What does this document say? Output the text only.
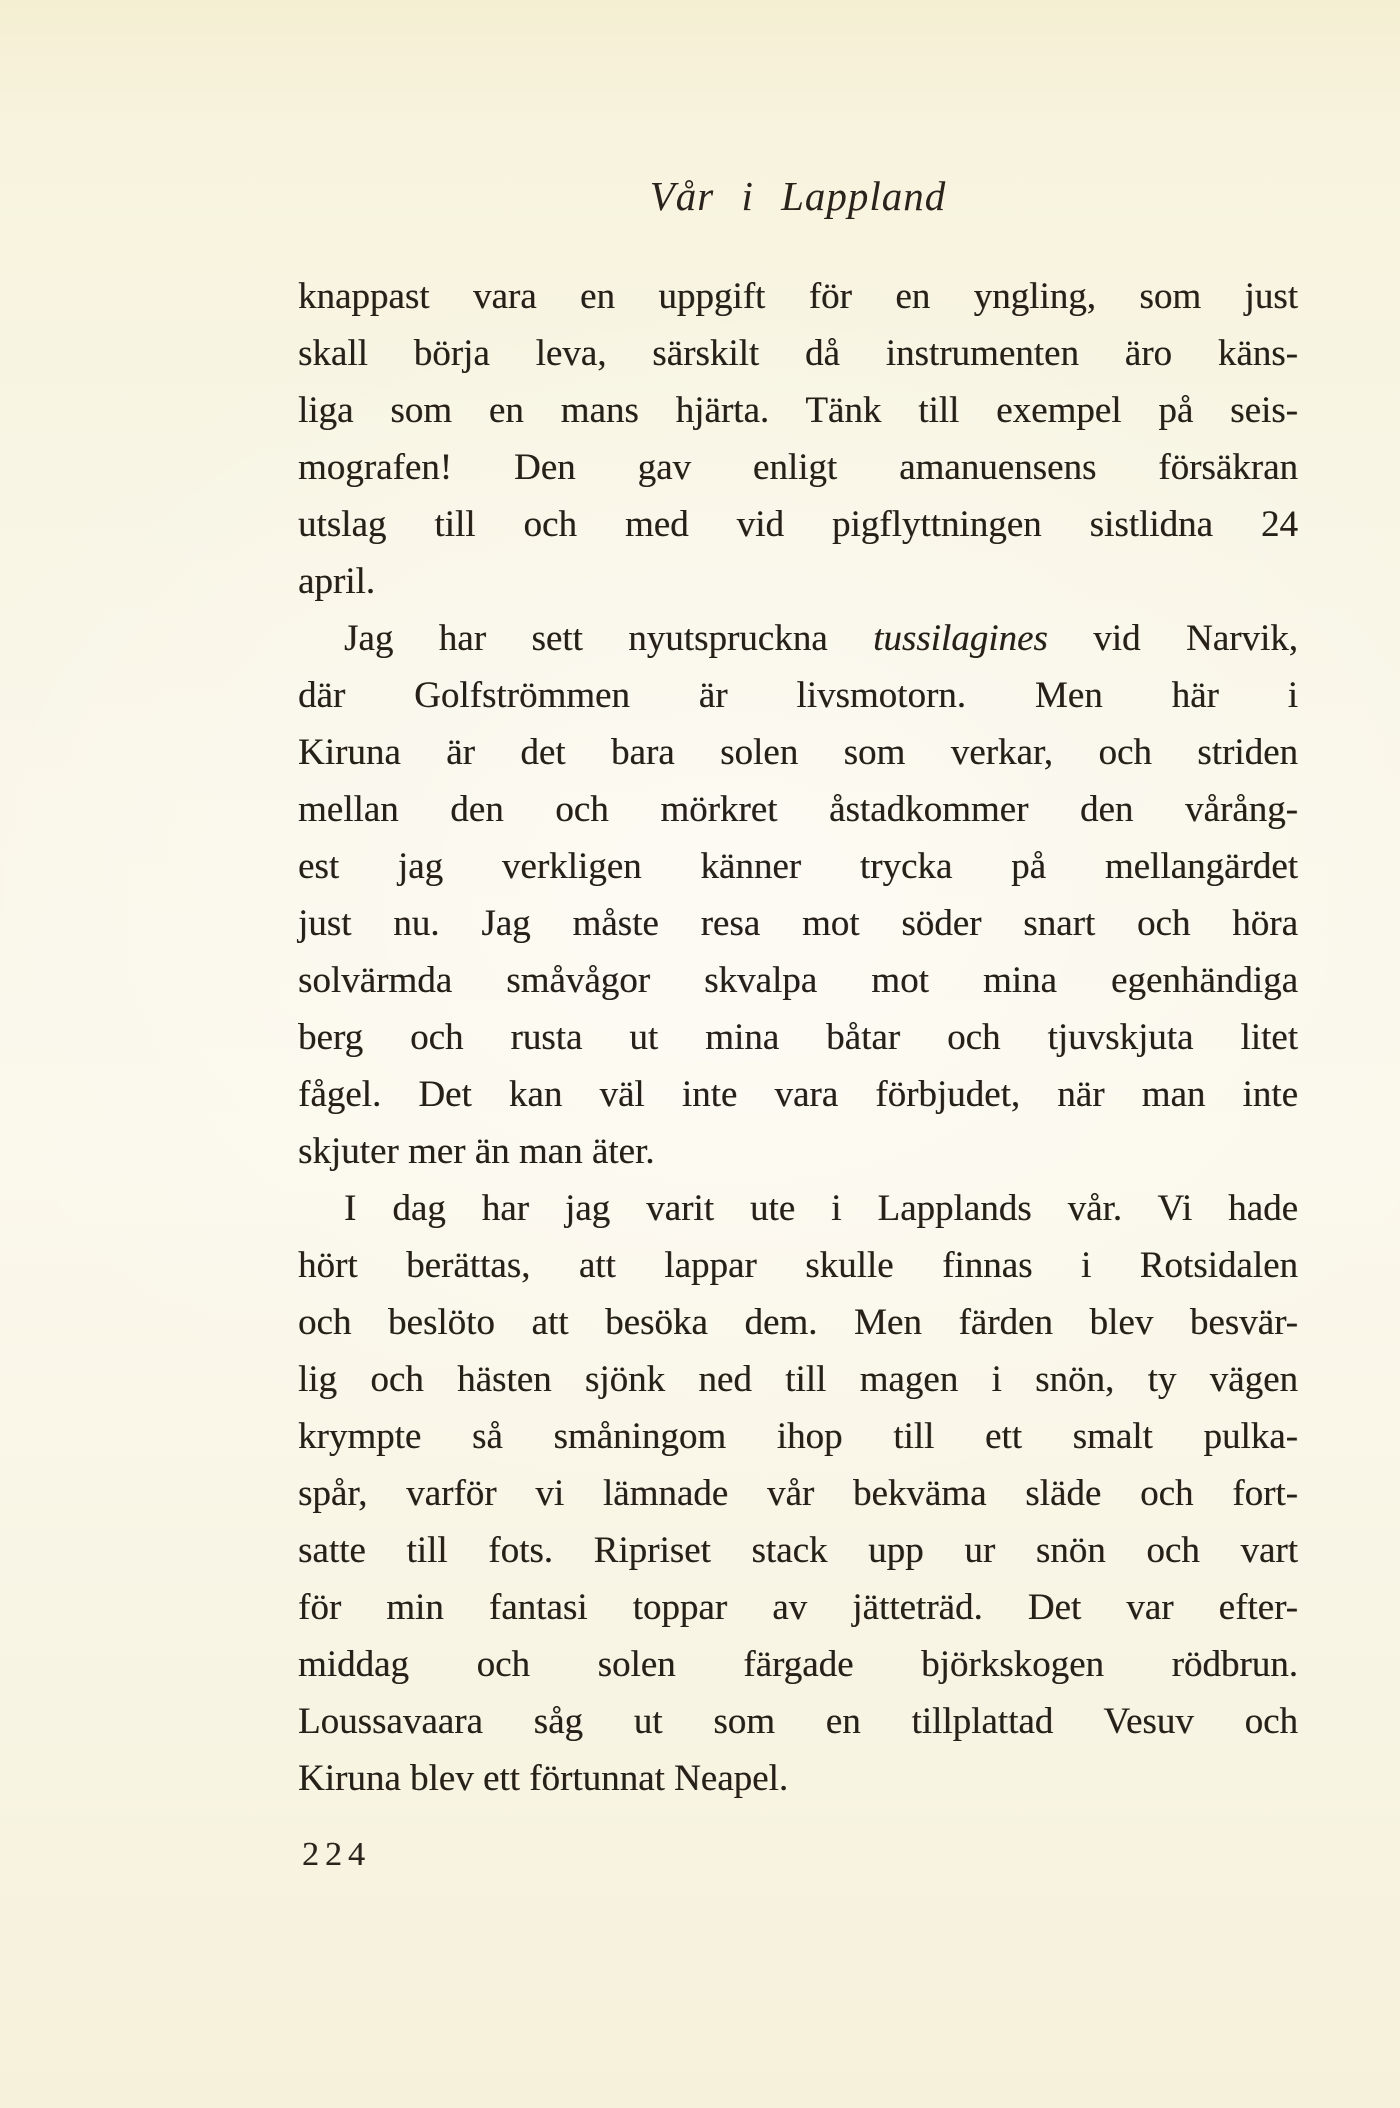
Vår i Lappland
knappast vara en uppgift för en yngling, som just
skall börja leva, särskilt då instrumenten äro käns-
liga som en mans hjärta. Tänk till exempel på seis-
mografen! Den gav enligt amanuensens försäkran
utslag till och med vid pigflyttningen sistlidna 24
april.
Jag har sett nyutspruckna tussilagines vid Narvik,
där Golfströmmen är livsmotorn. Men här i
Kiruna är det bara solen som verkar, och striden
mellan den och mörkret åstadkommer den vårång-
est jag verkligen känner trycka på mellangärdet
just nu. Jag måste resa mot söder snart och höra
solvärmda småvågor skvalpa mot mina egenhändiga
berg och rusta ut mina båtar och tjuvskjuta litet
fågel. Det kan väl inte vara förbjudet, när man inte
skjuter mer än man äter.
I dag har jag varit ute i Lapplands vår. Vi hade
hört berättas, att lappar skulle finnas i Rotsidalen
och beslöto att besöka dem. Men färden blev besvär-
lig och hästen sjönk ned till magen i snön, ty vägen
krympte så småningom ihop till ett smalt pulka-
spår, varför vi lämnade vår bekväma släde och fort-
satte till fots. Ripriset stack upp ur snön och vart
för min fantasi toppar av jätteträd. Det var efter-
middag och solen färgade björkskogen rödbrun.
Loussavaara såg ut som en tillplattad Vesuv och
Kiruna blev ett förtunnat Neapel.
224
